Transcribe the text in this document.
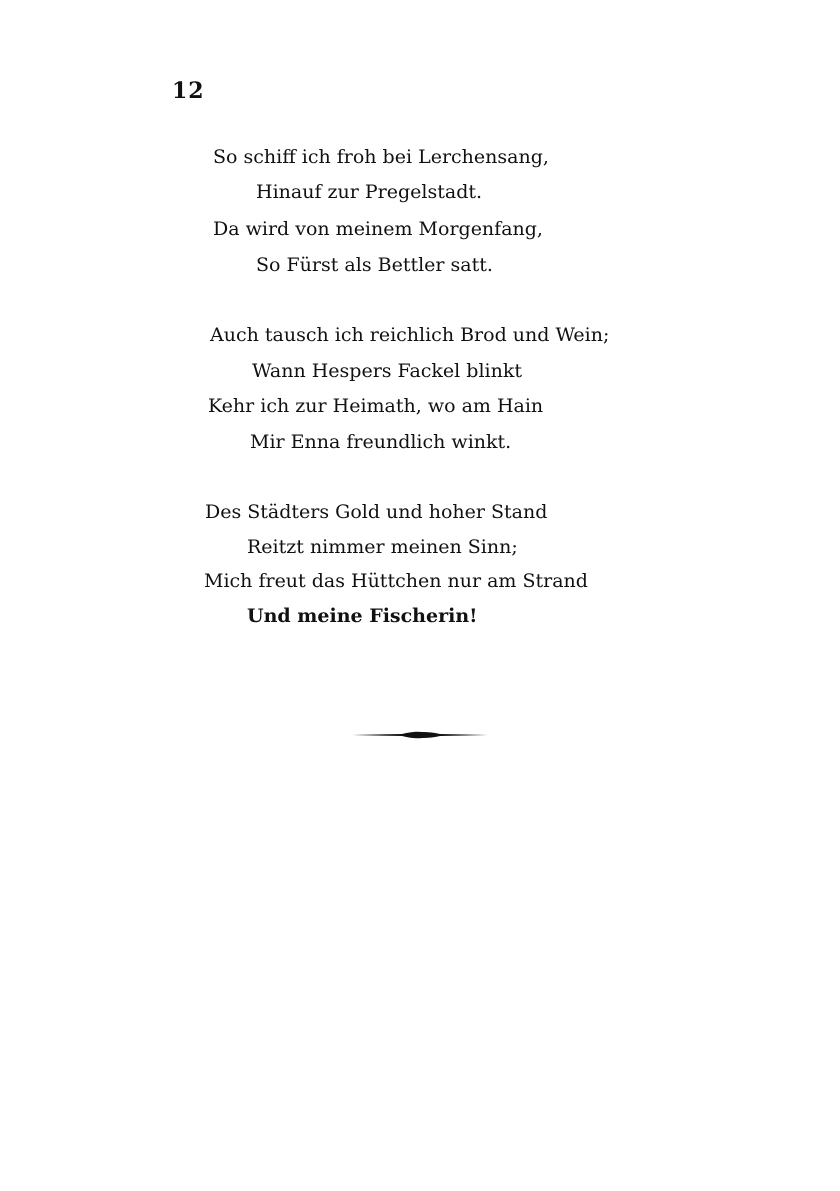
12
So schiff ich froh bei Lerchensang,
Hinauf zur Pregelstadt.
Da wird von meinem Morgenfang,
So Fürst als Bettler satt.
Auch tausch ich reichlich Brod und Wein;
Wann Hespers Fackel blinkt
Kehr ich zur Heimath, wo am Hain
Mir Enna freundlich winkt.
Des Städters Gold und hoher Stand
Reitzt nimmer meinen Sinn;
Mich freut das Hüttchen nur am Strand
Und meine Fischerin!
